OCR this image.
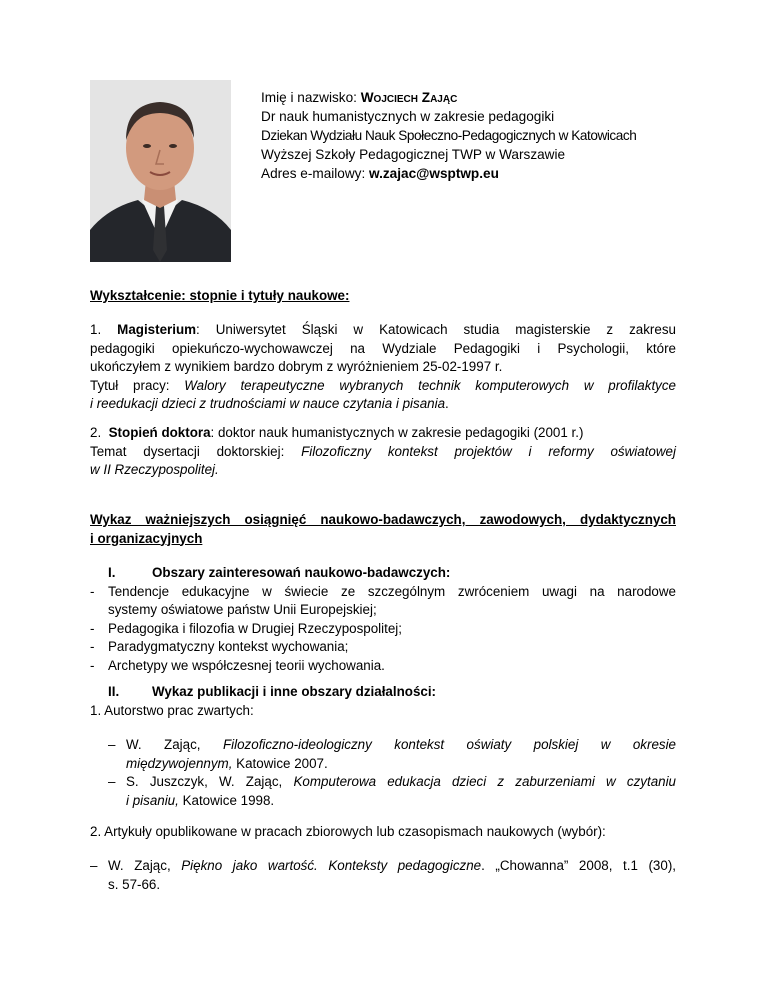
Imię i nazwisko: Wojciech Zając
Dr nauk humanistycznych w zakresie pedagogiki
Dziekan Wydziału Nauk Społeczno-Pedagogicznych w Katowicach
Wyższej Szkoły Pedagogicznej TWP w Warszawie
Adres e-mailowy: w.zajac@wsptwp.eu
Wykształcenie: stopnie i tytuły naukowe:
1. Magisterium: Uniwersytet Śląski w Katowicach studia magisterskie z zakresu
pedagogiki opiekuńczo-wychowawczej na Wydziale Pedagogiki i Psychologii, które
ukończyłem z wynikiem bardzo dobrym z wyróżnieniem 25-02-1997 r.
Tytuł pracy: Walory terapeutyczne wybranych technik komputerowych w profilaktyce
i reedukacji dzieci z trudnościami w nauce czytania i pisania.
2. Stopień doktora: doktor nauk humanistycznych w zakresie pedagogiki (2001 r.)
Temat dysertacji doktorskiej: Filozoficzny kontekst projektów i reformy oświatowej
w II Rzeczypospolitej.
Wykaz ważniejszych osiągnięć naukowo-badawczych, zawodowych, dydaktycznych
i organizacyjnych
I.	Obszary zainteresowań naukowo-badawczych:
- Tendencje edukacyjne w świecie ze szczególnym zwróceniem uwagi na narodowe
systemy oświatowe państw Unii Europejskiej;
- Pedagogika i filozofia w Drugiej Rzeczypospolitej;
- Paradygmatyczny kontekst wychowania;
- Archetypy we współczesnej teorii wychowania.
II. Wykaz publikacji i inne obszary działalności:
1. Autorstwo prac zwartych:
– W. Zając, Filozoficzno-ideologiczny kontekst oświaty polskiej w okresie
międzywojennym, Katowice 2007.
– S. Juszczyk, W. Zając, Komputerowa edukacja dzieci z zaburzeniami w czytaniu
i pisaniu, Katowice 1998.
2. Artykuły opublikowane w pracach zbiorowych lub czasopismach naukowych (wybór):
– W. Zając, Piękno jako wartość. Konteksty pedagogiczne. „Chowanna” 2008, t.1 (30),
s. 57-66.
